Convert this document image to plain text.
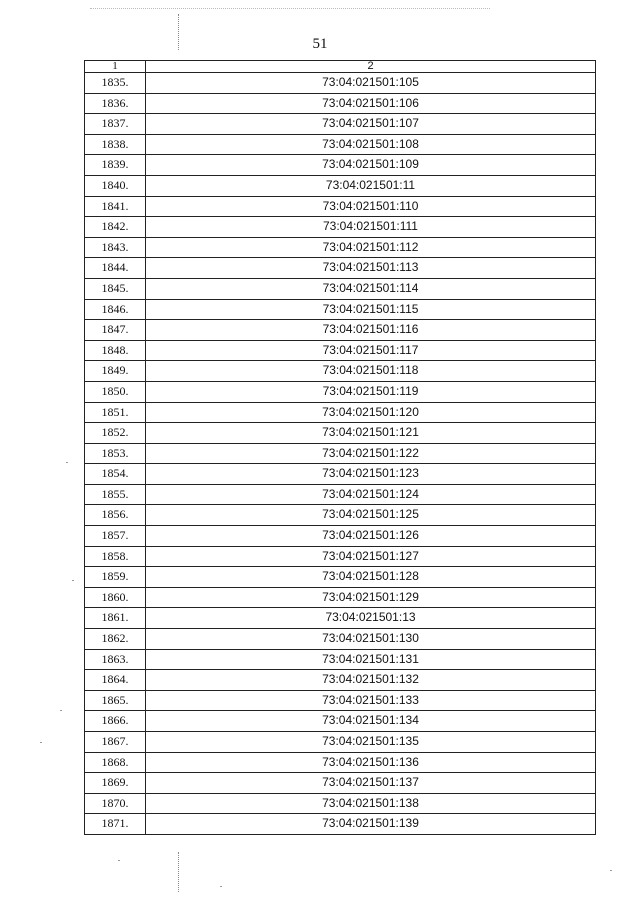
51
1	2
1835.	73:04:021501:105
1836.	73:04:021501:106
1837.	73:04:021501:107
1838.	73:04:021501:108
1839.	73:04:021501:109
1840.	73:04:021501:11
1841.	73:04:021501:110
1842.	73:04:021501:111
1843.	73:04:021501:112
1844.	73:04:021501:113
1845.	73:04:021501:114
1846.	73:04:021501:115
1847.	73:04:021501:116
1848.	73:04:021501:117
1849.	73:04:021501:118
1850.	73:04:021501:119
1851.	73:04:021501:120
1852.	73:04:021501:121
1853.	73:04:021501:122
1854.	73:04:021501:123
1855.	73:04:021501:124
1856.	73:04:021501:125
1857.	73:04:021501:126
1858.	73:04:021501:127
1859.	73:04:021501:128
1860.	73:04:021501:129
1861.	73:04:021501:13
1862.	73:04:021501:130
1863.	73:04:021501:131
1864.	73:04:021501:132
1865.	73:04:021501:133
1866.	73:04:021501:134
1867.	73:04:021501:135
1868.	73:04:021501:136
1869.	73:04:021501:137
1870.	73:04:021501:138
1871.	73:04:021501:139
